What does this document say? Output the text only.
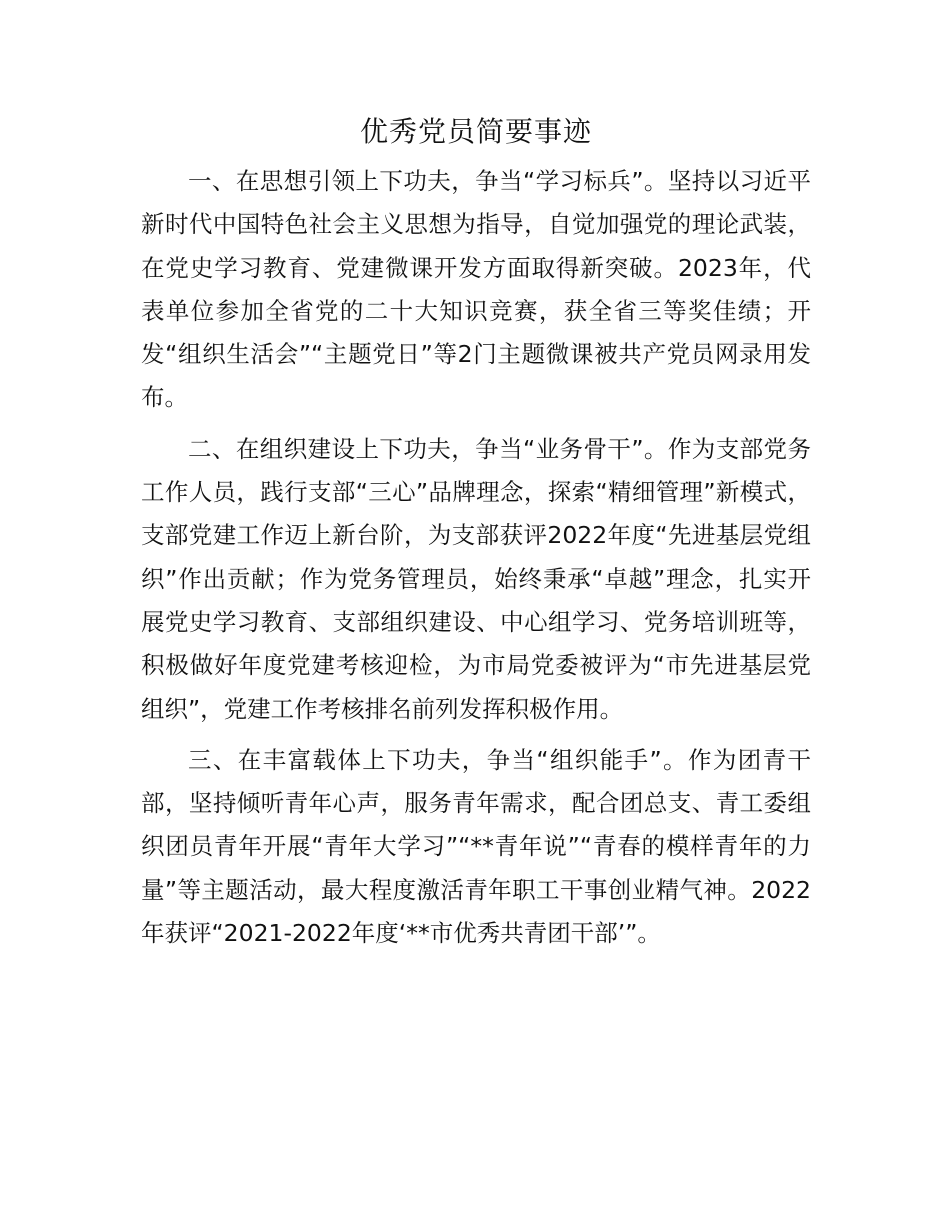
优秀党员简要事迹

一、在思想引领上下功夫，争当“学习标兵”。坚持以习近平新时代中国特色社会主义思想为指导，自觉加强党的理论武装，在党史学习教育、党建微课开发方面取得新突破。2023年，代表单位参加全省党的二十大知识竞赛，获全省三等奖佳绩；开发“组织生活会”“主题党日”等2门主题微课被共产党员网录用发布。

二、在组织建设上下功夫，争当“业务骨干”。作为支部党务工作人员，践行支部“三心”品牌理念，探索“精细管理”新模式，支部党建工作迈上新台阶，为支部获评2022年度“先进基层党组织”作出贡献；作为党务管理员，始终秉承“卓越”理念，扎实开展党史学习教育、支部组织建设、中心组学习、党务培训班等，积极做好年度党建考核迎检，为市局党委被评为“市先进基层党组织”，党建工作考核排名前列发挥积极作用。

三、在丰富载体上下功夫，争当“组织能手”。作为团青干部，坚持倾听青年心声，服务青年需求，配合团总支、青工委组织团员青年开展“青年大学习”“**青年说”“青春的模样青年的力量”等主题活动，最大程度激活青年职工干事创业精气神。2022年获评“2021-2022年度‘**市优秀共青团干部’”。
